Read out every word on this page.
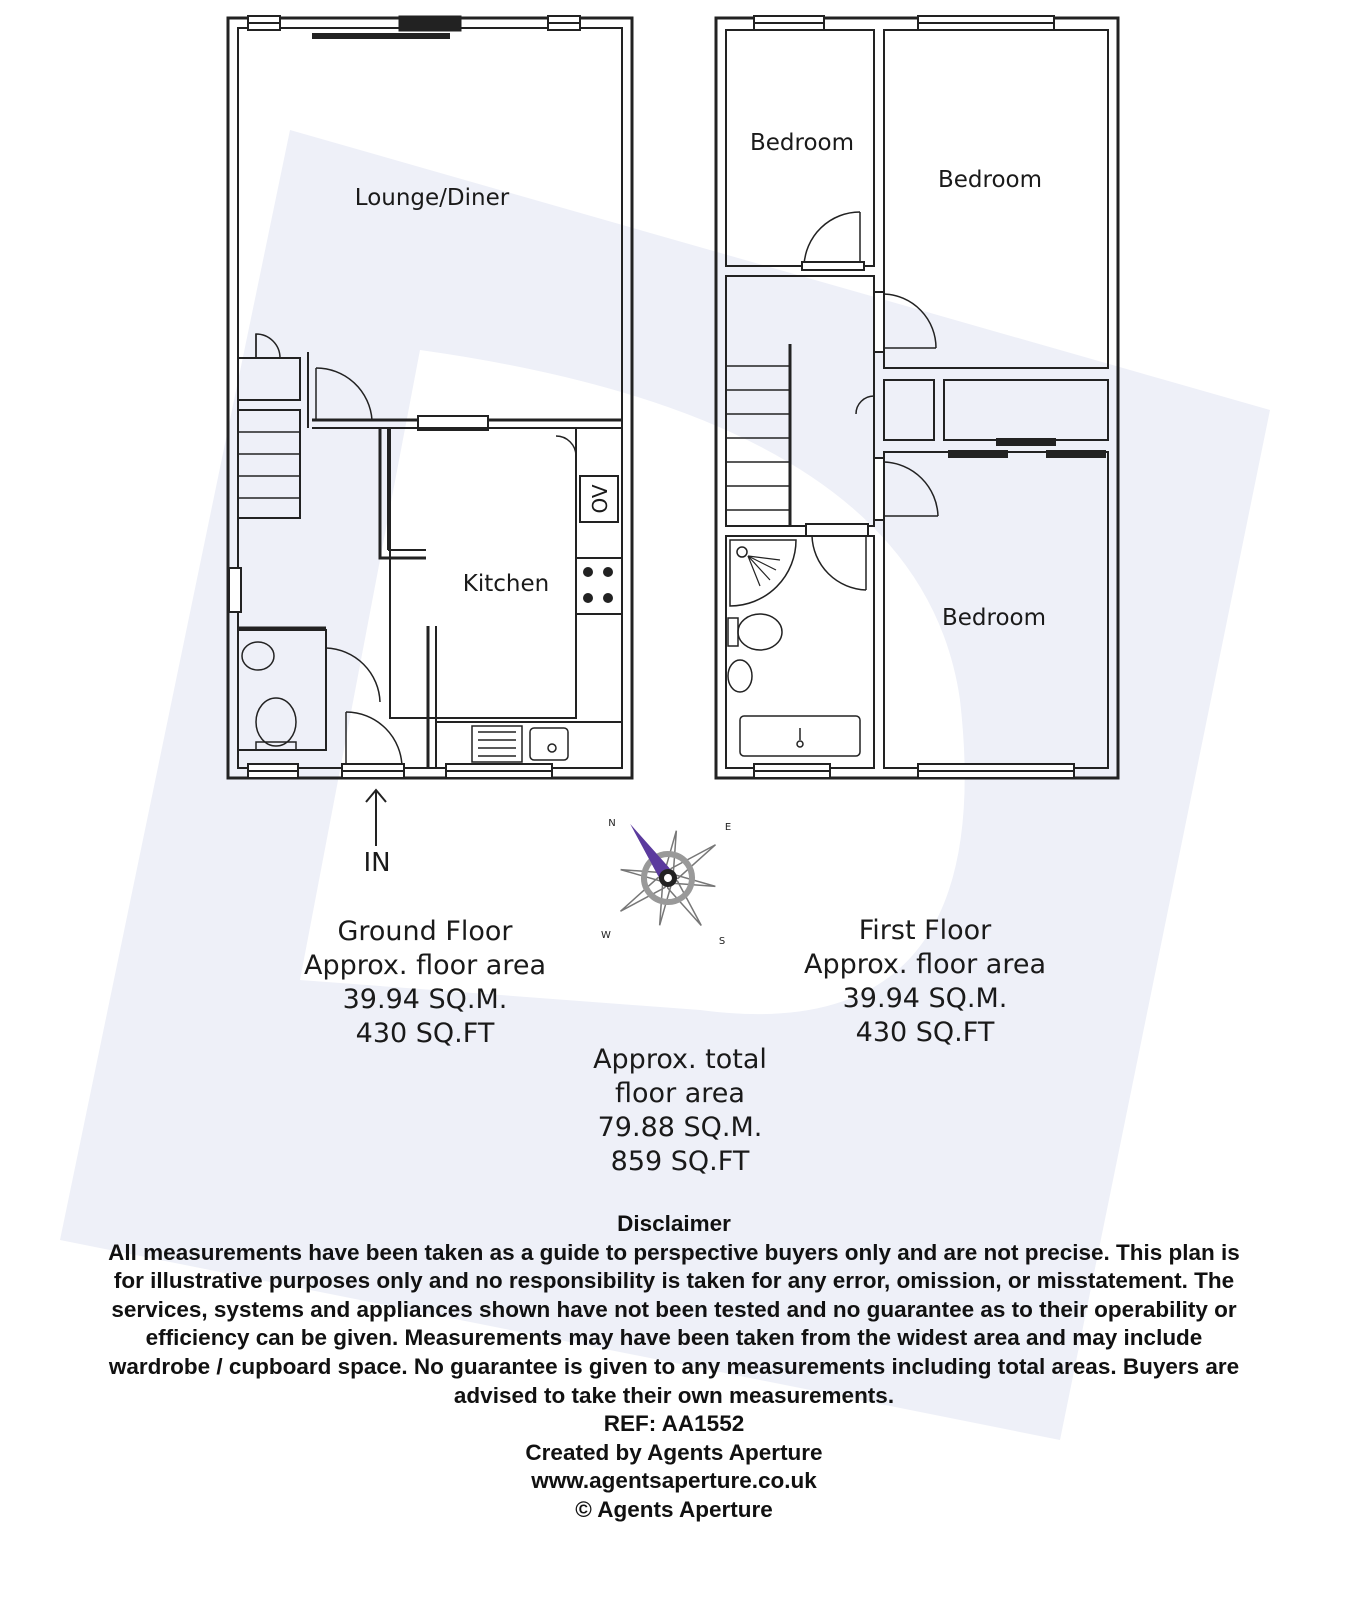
Lounge/Diner
Kitchen
OV
Bedroom
Bedroom
Bedroom
N	E
S
W
IN
Ground Floor
Approx. floor area
39.94 SQ.M.
430 SQ.FT
First Floor
Approx. floor area
39.94 SQ.M.
430 SQ.FT
Approx. total
floor area
79.88 SQ.M.
859 SQ.FT
Disclaimer
All measurements have been taken as a guide to perspective buyers only and are not precise. This plan is
for illustrative purposes only and no responsibility is taken for any error, omission, or misstatement. The
services, systems and appliances shown have not been tested and no guarantee as to their operability or
efficiency can be given. Measurements may have been taken from the widest area and may include
wardrobe / cupboard space. No guarantee is given to any measurements including total areas. Buyers are
advised to take their own measurements.
REF: AA1552
Created by Agents Aperture
www.agentsaperture.co.uk
© Agents Aperture
